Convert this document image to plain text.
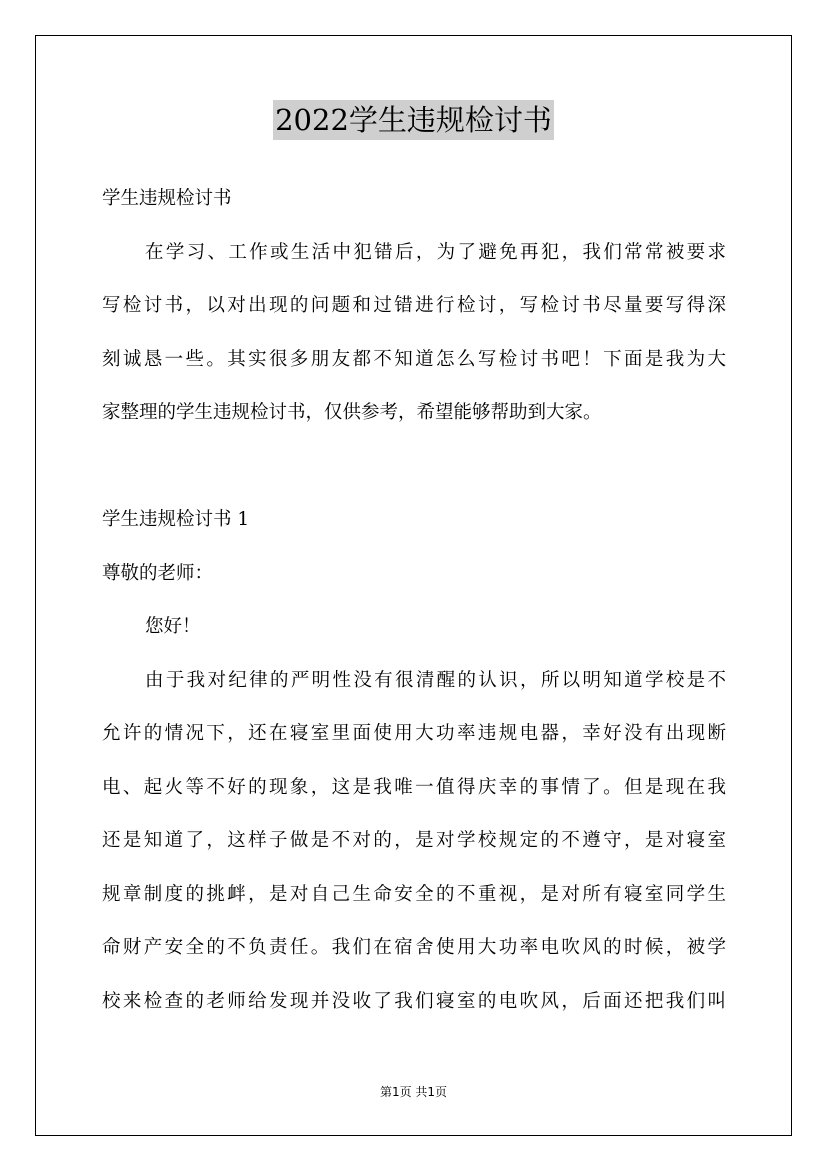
2022学生违规检讨书

学生违规检讨书

在学习、工作或生活中犯错后，为了避免再犯，我们常常被要求

写检讨书，以对出现的问题和过错进行检讨，写检讨书尽量要写得深

刻诚恳一些。其实很多朋友都不知道怎么写检讨书吧！下面是我为大

家整理的学生违规检讨书，仅供参考，希望能够帮助到大家。

学生违规检讨书 1

尊敬的老师：

您好！

由于我对纪律的严明性没有很清醒的认识，所以明知道学校是不

允许的情况下，还在寝室里面使用大功率违规电器，幸好没有出现断

电、起火等不好的现象，这是我唯一值得庆幸的事情了。但是现在我

还是知道了，这样子做是不对的，是对学校规定的不遵守，是对寝室

规章制度的挑衅，是对自己生命安全的不重视，是对所有寝室同学生

命财产安全的不负责任。我们在宿舍使用大功率电吹风的时候，被学

校来检查的老师给发现并没收了我们寝室的电吹风，后面还把我们叫

第1页 共1页
